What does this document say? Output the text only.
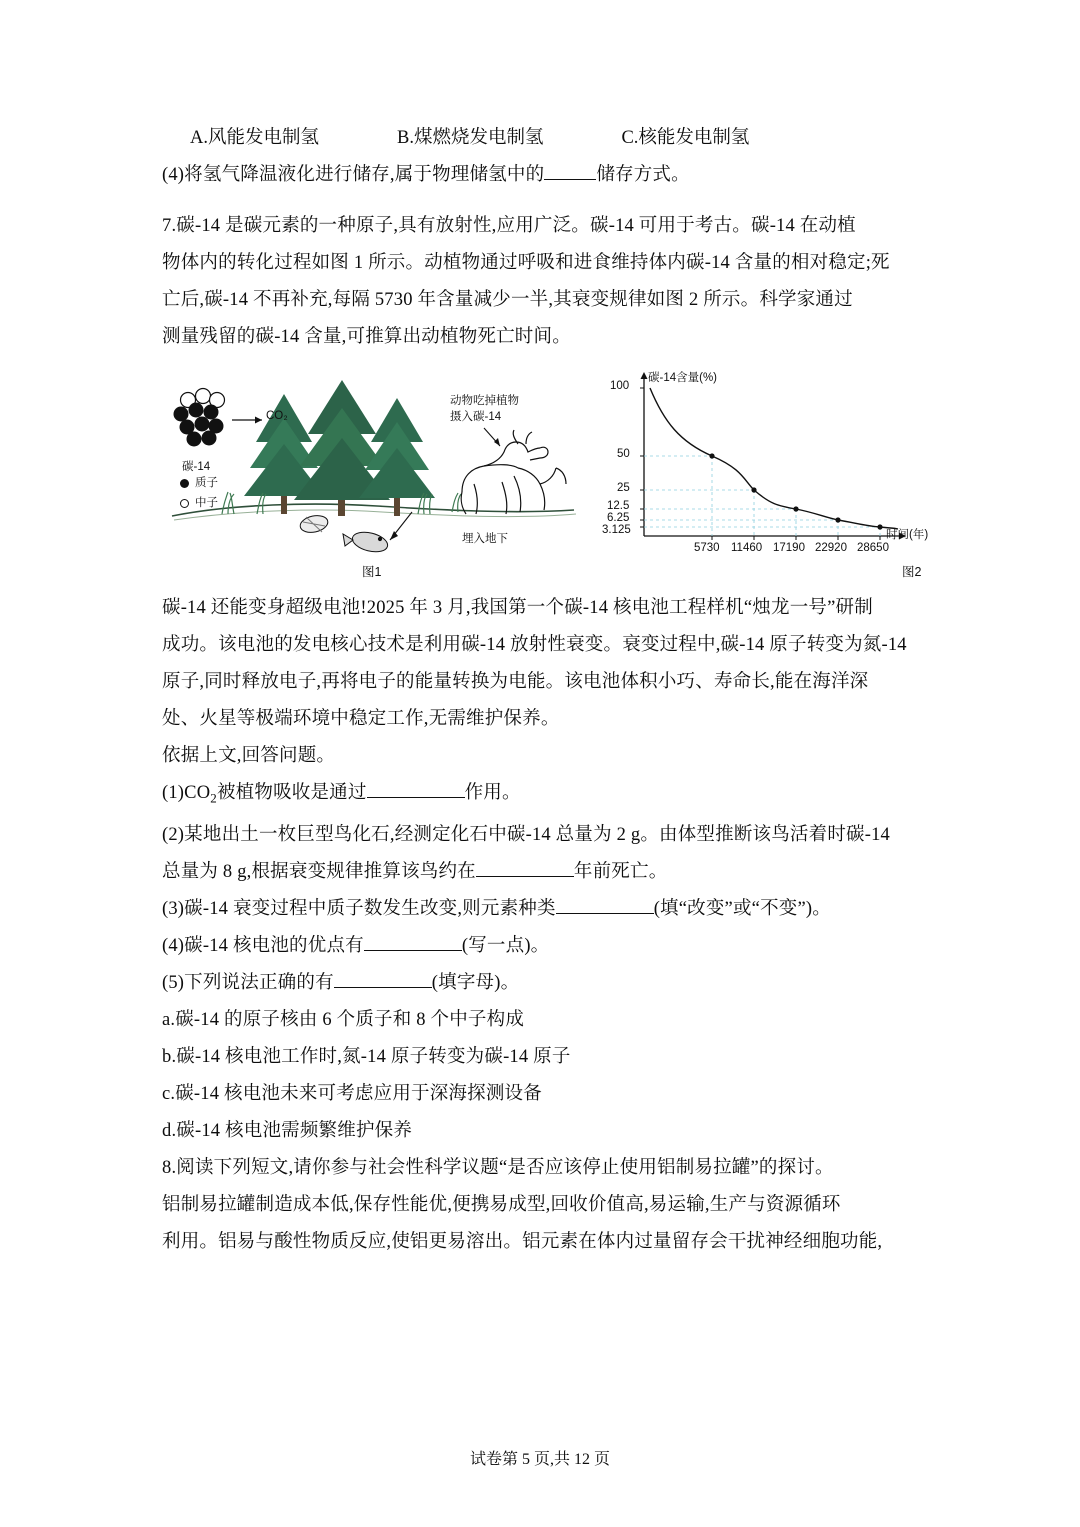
A.风能发电制氢	B.煤燃烧发电制氢	C.核能发电制氢
(4)将氢气降温液化进行储存,属于物理储氢中的	储存方式。
7.碳-14 是碳元素的一种原子,具有放射性,应用广泛。碳-14 可用于考古。碳-14 在动植
物体内的转化过程如图 1 所示。动植物通过呼吸和进食维持体内碳-14 含量的相对稳定;死
亡后,碳-14 不再补充,每隔 5730 年含量减少一半,其衰变规律如图 2 所示。科学家通过
测量残留的碳-14 含量,可推算出动植物死亡时间。
碳-14
CO₂
质子
中子
动物吃掉植物
摄入碳-14
埋入地下
图1
碳-14含量(%)
100
50
25
12.5
6.25
3.125
5730 11460 17190 22920 28650
时间(年)
图2
碳-14 还能变身超级电池!2025 年 3 月,我国第一个碳-14 核电池工程样机“烛龙一号”研制
成功。该电池的发电核心技术是利用碳-14 放射性衰变。衰变过程中,碳-14 原子转变为氮-14
原子,同时释放电子,再将电子的能量转换为电能。该电池体积小巧、寿命长,能在海洋深
处、火星等极端环境中稳定工作,无需维护保养。
依据上文,回答问题。
$(1)CO_2$被植物吸收是通过	作用。
(2)某地出土一枚巨型鸟化石,经测定化石中碳-14 总量为 2 g。由体型推断该鸟活着时碳-14
总量为 8 g,根据衰变规律推算该鸟约在	年前死亡。
(3)碳-14 衰变过程中质子数发生改变,则元素种类	(填“改变”或“不变”)。
(4)碳-14 核电池的优点有	(写一点)。
(5)下列说法正确的有	(填字母)。
a.碳-14 的原子核由 6 个质子和 8 个中子构成
b.碳-14 核电池工作时,氮-14 原子转变为碳-14 原子
c.碳-14 核电池未来可考虑应用于深海探测设备
d.碳-14 核电池需频繁维护保养
8.阅读下列短文,请你参与社会性科学议题“是否应该停止使用铝制易拉罐”的探讨。
铝制易拉罐制造成本低,保存性能优,便携易成型,回收价值高,易运输,生产与资源循环
利用。铝易与酸性物质反应,使铝更易溶出。铝元素在体内过量留存会干扰神经细胞功能,
试卷第 5 页,共 12 页
